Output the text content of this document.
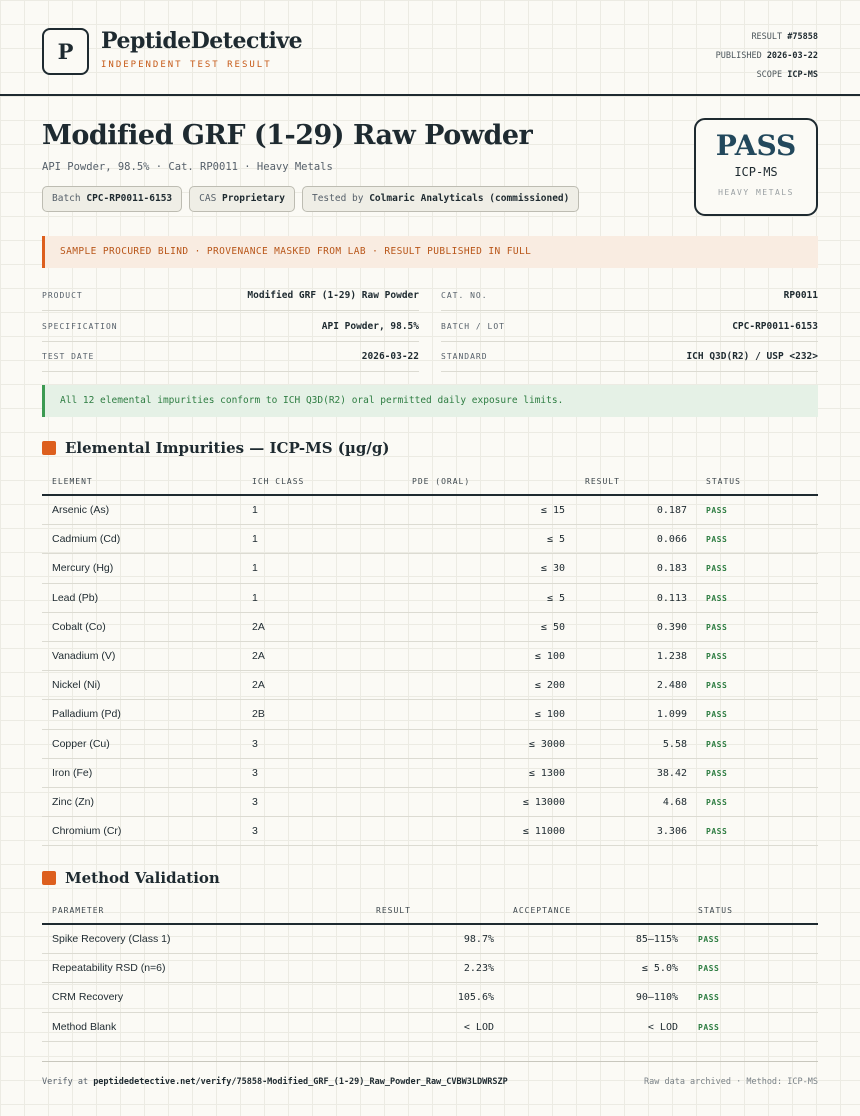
P	PeptideDetective
INDEPENDENT TEST RESULT
RESULT #75858
PUBLISHED 2026-03-22
SCOPE ICP-MS
Modified GRF (1-29) Raw Powder
API Powder, 98.5% · Cat. RP0011 · Heavy Metals
Batch CPC-RP0011-6153	CAS Proprietary	Tested by Colmaric Analyticals (commissioned)
PASS
ICP-MS
HEAVY METALS
SAMPLE PROCURED BLIND · PROVENANCE MASKED FROM LAB · RESULT PUBLISHED IN FULL
PRODUCT	Modified GRF (1-29) Raw Powder	CAT. NO.	RP0011
SPECIFICATION	API Powder, 98.5%	BATCH / LOT	CPC-RP0011-6153
TEST DATE	2026-03-22	STANDARD	ICH Q3D(R2) / USP <232>
All 12 elemental impurities conform to ICH Q3D(R2) oral permitted daily exposure limits.
Elemental Impurities — ICP-MS (µg/g)
ELEMENT	ICH CLASS	PDE (ORAL)	RESULT	STATUS
Arsenic (As)	1	≤ 15	0.187 PASS
Cadmium (Cd)	1	≤ 5	0.066 PASS
Mercury (Hg)	1	≤ 30	0.183 PASS
Lead (Pb)	1	≤ 5	0.113 PASS
Cobalt (Co)	2A	≤ 50	0.390 PASS
Vanadium (V)	2A	≤ 100	1.238 PASS
Nickel (Ni)	2A	≤ 200	2.480 PASS
Palladium (Pd)	2B	≤ 100	1.099 PASS
Copper (Cu)	3	≤ 3000	5.58 PASS
Iron (Fe)	3	≤ 1300	38.42 PASS
Zinc (Zn)	3	≤ 13000	4.68 PASS
Chromium (Cr)	3	≤ 11000	3.306 PASS
Method Validation
PARAMETER	RESULT	ACCEPTANCE	STATUS
Spike Recovery (Class 1)	98.7%	85–115%	PASS
Repeatability RSD (n=6)	2.23%	≤ 5.0%	PASS
CRM Recovery	105.6%	90–110%	PASS
Method Blank	< LOD	< LOD	PASS
Verify at peptidedetective.net/verify/75858-Modified_GRF_(1-29)_Raw_Powder_Raw_CVBW3LDWRSZP	Raw data archived · Method: ICP-MS
